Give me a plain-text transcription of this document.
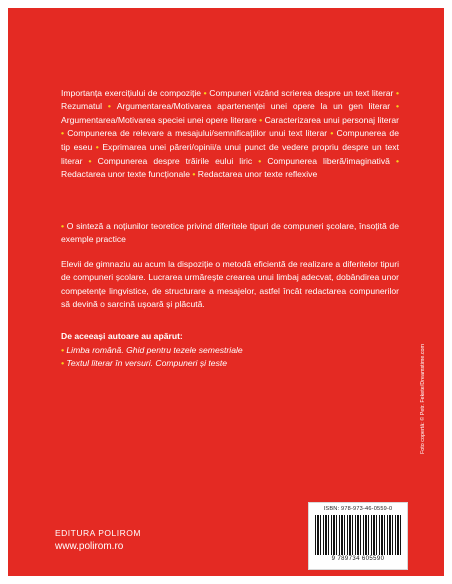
Importanța exercițiului de compoziție • Compuneri vizând scrierea despre un text literar • Rezumatul • Argumentarea/Motivarea apartenenței unei opere la un gen literar • Argumentarea/Motivarea speciei unei opere literare • Caracterizarea unui personaj literar • Compunerea de relevare a mesajului/semnificațiilor unui text literar • Compunerea de tip eseu • Exprimarea unei păreri/opinii/a unui punct de vedere propriu despre un text literar • Compunerea despre trăirile eului liric • Compunerea liberă/imaginativă • Redactarea unor texte funcționale • Redactarea unor texte reflexive

• O sinteză a noțiunilor teoretice privind diferitele tipuri de compuneri școlare, însoțită de exemple practice

Elevii de gimnaziu au acum la dispoziție o metodă eficientă de realizare a diferitelor tipuri de compuneri școlare. Lucrarea urmărește crearea unui limbaj adecvat, dobândirea unor competențe lingvistice, de structurare a mesajelor, astfel încât redactarea compunerilor să devină o sarcină ușoară și plăcută.

De aceeași autoare au apărut:
• Limba română. Ghid pentru tezele semestriale
• Textul literar în versuri. Compuneri și teste	Foto copertă: © Petr. Fekete/Dreamstime.com
ISBN: 978-973-46-0559-0
9 789734 605590
EDITURA POLIROM
www.polirom.ro
